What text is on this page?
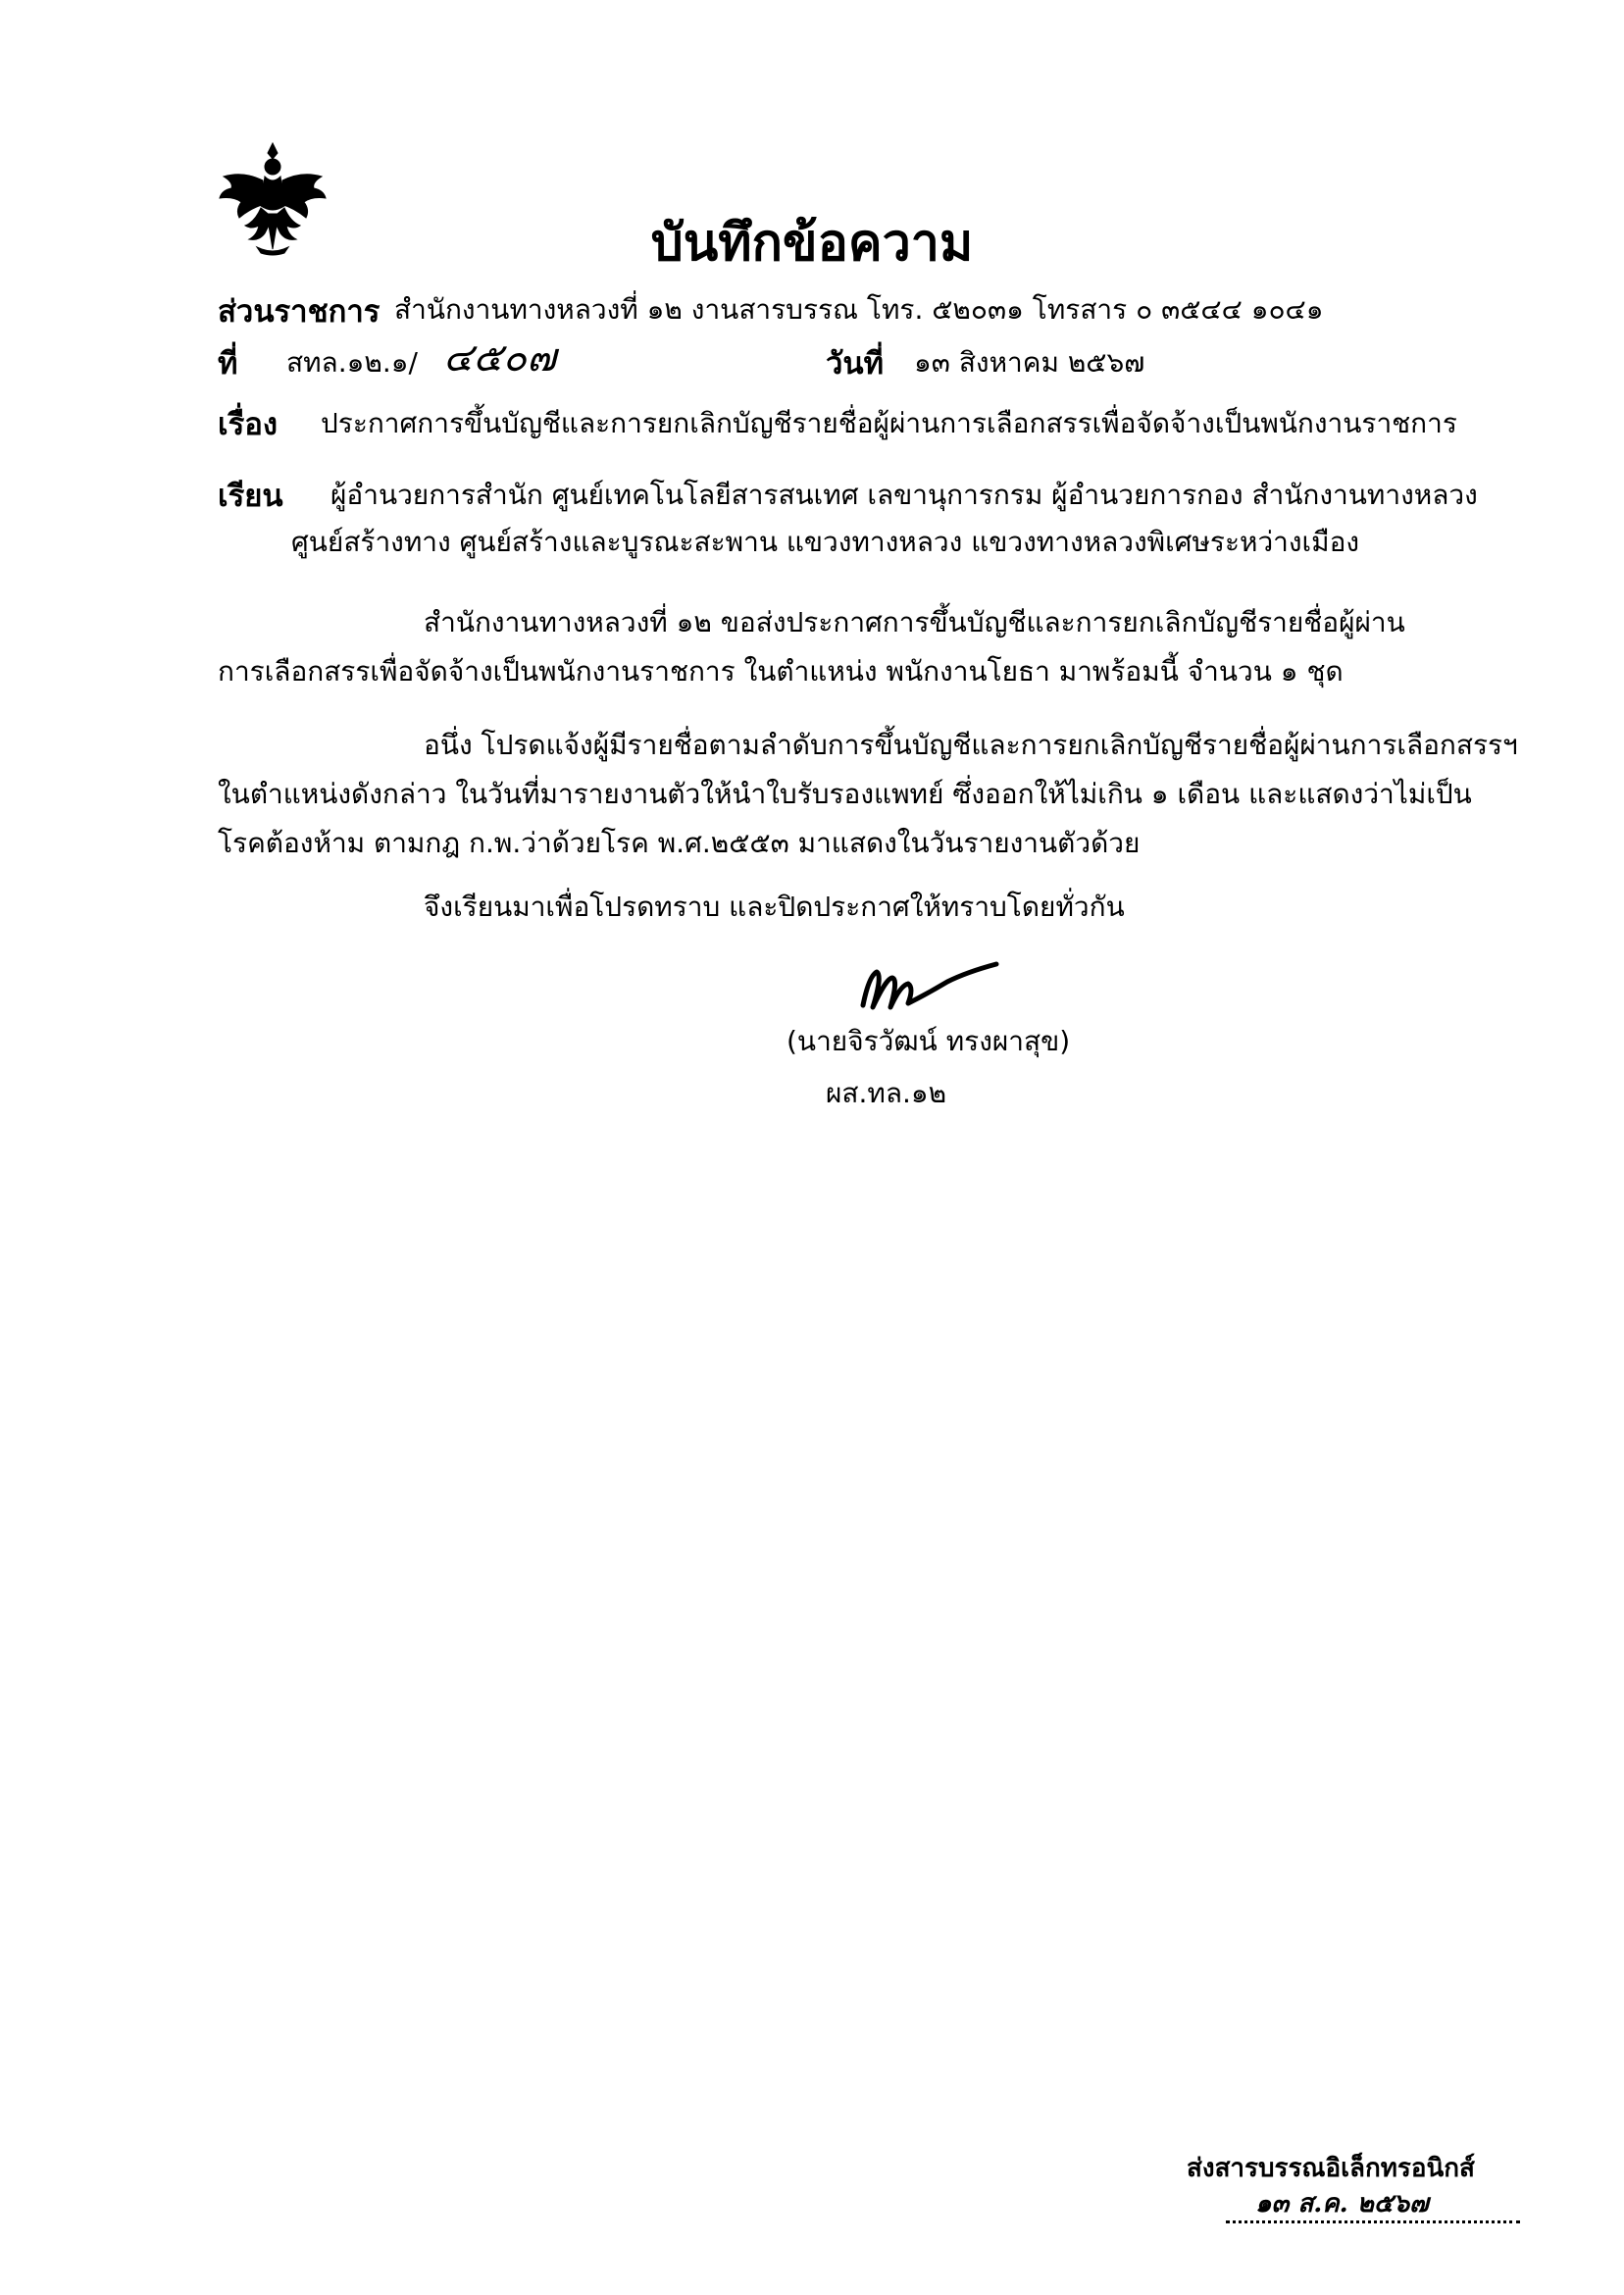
บันทึกข้อความ
ส่วนราชการ สำนักงานทางหลวงที่ ๑๒ งานสารบรรณ โทร. ๕๒๐๓๑ โทรสาร ๐ ๓๕๔๔ ๑๐๔๑
ที่ สทล.๑๒.๑/ ๔๕๐๗	วันที่ ๑๓ สิงหาคม ๒๕๖๗
เรื่อง ประกาศการขึ้นบัญชีและการยกเลิกบัญชีรายชื่อผู้ผ่านการเลือกสรรเพื่อจัดจ้างเป็นพนักงานราชการ
เรียน ผู้อำนวยการสำนัก ศูนย์เทคโนโลยีสารสนเทศ เลขานุการกรม ผู้อำนวยการกอง สำนักงานทางหลวง
ศูนย์สร้างทาง ศูนย์สร้างและบูรณะสะพาน แขวงทางหลวง แขวงทางหลวงพิเศษระหว่างเมือง
สำนักงานทางหลวงที่ ๑๒ ขอส่งประกาศการขึ้นบัญชีและการยกเลิกบัญชีรายชื่อผู้ผ่าน
การเลือกสรรเพื่อจัดจ้างเป็นพนักงานราชการ ในตำแหน่ง พนักงานโยธา มาพร้อมนี้ จำนวน ๑ ชุด
อนึ่ง โปรดแจ้งผู้มีรายชื่อตามลำดับการขึ้นบัญชีและการยกเลิกบัญชีรายชื่อผู้ผ่านการเลือกสรรฯ
ในตำแหน่งดังกล่าว ในวันที่มารายงานตัวให้นำใบรับรองแพทย์ ซึ่งออกให้ไม่เกิน ๑ เดือน และแสดงว่าไม่เป็น
โรคต้องห้าม ตามกฎ ก.พ.ว่าด้วยโรค พ.ศ.๒๕๕๓ มาแสดงในวันรายงานตัวด้วย
จึงเรียนมาเพื่อโปรดทราบ และปิดประกาศให้ทราบโดยทั่วกัน
(นายจิรวัฒน์ ทรงผาสุข)
ผส.ทล.๑๒
ส่งสารบรรณอิเล็กทรอนิกส์
๑๓ ส.ค. ๒๕๖๗
